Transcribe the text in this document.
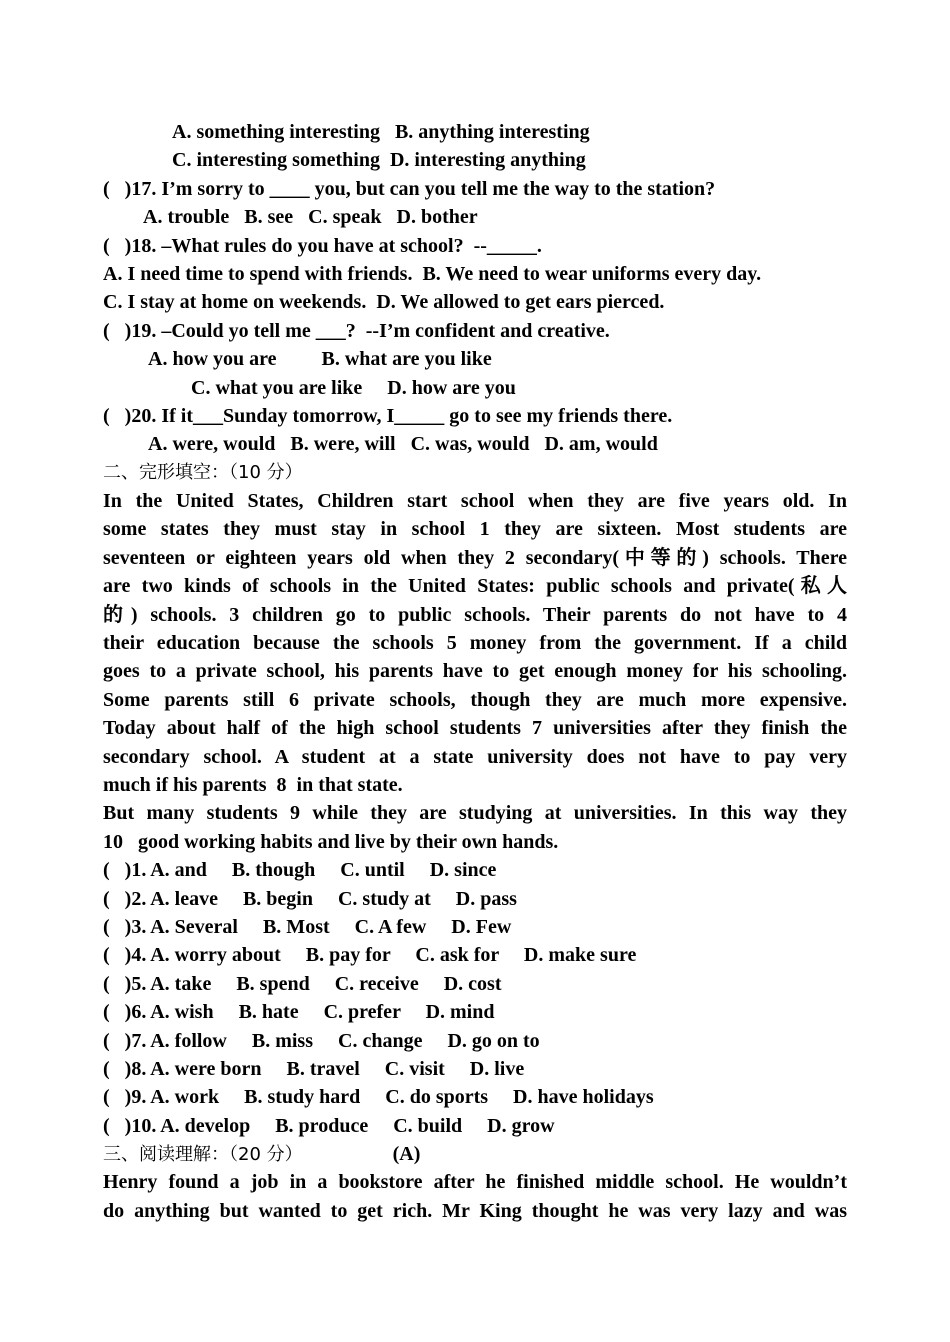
A. something interesting   B. anything interesting
C. interesting something  D. interesting anything
(   )17. I’m sorry to ____ you, but can you tell me the way to the station?
A. trouble   B. see   C. speak   D. bother
(   )18. –What rules do you have at school?  --_____.
A. I need time to spend with friends.  B. We need to wear uniforms every day.
C. I stay at home on weekends.  D. We allowed to get ears pierced.
(   )19. –Could yo tell me ___?  --I’m confident and creative.
A. how you are         B. what are you like
C. what you are like     D. how are you
(   )20. If it___Sunday tomorrow, I_____ go to see my friends there.
A. were, would   B. were, will   C. was, would   D. am, would
二、完形填空：（10 分）
In the United States, Children start school when they are five years old. In
some states they must stay in school 1 they are sixteen. Most students are
seventeen or eighteen years old when they 2 secondary(中等的) schools. There
are two kinds of schools in the United States: public schools and private(私人
的) schools. 3 children go to public schools. Their parents do not have to 4
their education because the schools 5 money from the government. If a child
goes to a private school, his parents have to get enough money for his schooling.
Some parents still 6 private schools, though they are much more expensive.
Today about half of the high school students 7 universities after they finish the
secondary school. A student at a state university does not have to pay very
much if his parents  8  in that state.
But many students 9 while they are studying at universities. In this way they
10   good working habits and live by their own hands.
(   )1. A. and     B. though     C. until     D. since
(   )2. A. leave     B. begin     C. study at     D. pass
(   )3. A. Several     B. Most     C. A few     D. Few
(   )4. A. worry about     B. pay for     C. ask for     D. make sure
(   )5. A. take     B. spend     C. receive     D. cost
(   )6. A. wish     B. hate     C. prefer     D. mind
(   )7. A. follow     B. miss     C. change     D. go on to
(   )8. A. were born     B. travel     C. visit     D. live
(   )9. A. work     B. study hard     C. do sports     D. have holidays
(   )10. A. develop     B. produce     C. build     D. grow
三、阅读理解：（20 分）	(A)
Henry found a job in a bookstore after he finished middle school. He wouldn’t
do anything but wanted to get rich. Mr King thought he was very lazy and was
